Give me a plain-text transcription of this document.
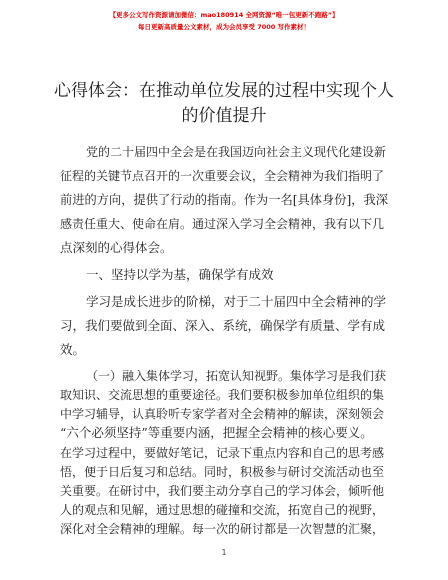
【更多公文写作资源请加微信：mao180914 全网资源“唯一包更新不跑路”】
每日更新高质量公文素材，成为会员享受 7000 写作素材！
心得体会：在推动单位发展的过程中实现个人
的价值提升
党的二十届四中全会是在我国迈向社会主义现代化建设新
征程的关键节点召开的一次重要会议，全会精神为我们指明了
前进的方向，提供了行动的指南。作为一名[具体身份]，我深
感责任重大、使命在肩。通过深入学习全会精神，我有以下几
点深刻的心得体会。
一、坚持以学为基，确保学有成效
学习是成长进步的阶梯，对于二十届四中全会精神的学
习，我们要做到全面、深入、系统，确保学有质量、学有成
效。
（一）融入集体学习，拓宽认知视野。集体学习是我们获
取知识、交流思想的重要途径。我们要积极参加单位组织的集
中学习辅导，认真聆听专家学者对全会精神的解读，深刻领会
“六个必须坚持”等重要内涵，把握全会精神的核心要义。
在学习过程中，要做好笔记，记录下重点内容和自己的思考感
悟，便于日后复习和总结。同时，积极参与研讨交流活动也至
关重要。在研讨中，我们要主动分享自己的学习体会，倾听他
人的观点和见解，通过思想的碰撞和交流，拓宽自己的视野，
深化对全会精神的理解。每一次的研讨都是一次智慧的汇聚，
1
